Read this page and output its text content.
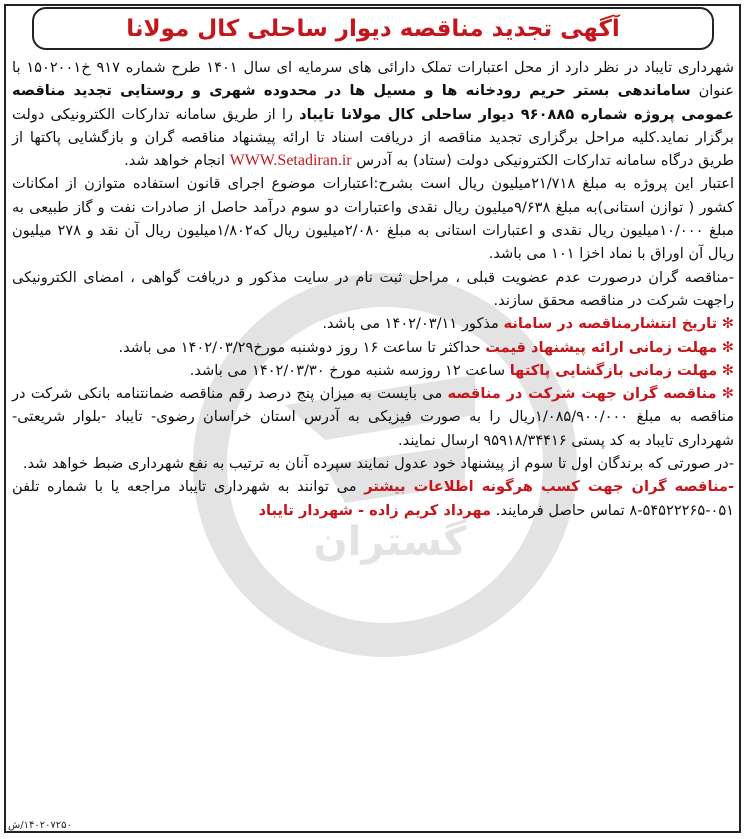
آگهی تجدید مناقصه دیوار ساحلی کال مولانا
گستران

شهرداری تایباد در نظر دارد از محل اعتبارات تملک دارائی های سرمایه ای سال ۱۴۰۱ طرح شماره ۹۱۷ خ۱۵۰۲۰۰۱ با عنوان ساماندهی بستر حریم رودخانه ها و مسیل ها در محدوده شهری و روستایی تجدید مناقصه عمومی پروژه شماره ۹۶۰۸۸۵ دیوار ساحلی کال مولانا تایباد را از طریق سامانه تدارکات الکترونیکی دولت برگزار نماید.کلیه مراحل برگزاری تجدید مناقصه از دریافت اسناد تا ارائه پیشنهاد مناقصه گران و بازگشایی پاکتها از طریق درگاه سامانه تدارکات الکترونیکی دولت (ستاد) به آدرس WWW.Setadiran.ir انجام خواهد شد.

اعتبار این پروژه به مبلغ ۲۱/۷۱۸میلیون ریال است بشرح:اعتبارات موضوع اجرای قانون استفاده متوازن از امکانات کشور ( توازن استانی)به مبلغ ۹/۶۳۸میلیون ریال نقدی واعتبارات دو سوم درآمد حاصل از صادرات نفت و گاز طبیعی به مبلغ ۱۰/۰۰۰میلیون ریال نقدی و اعتبارات استانی به مبلغ ۲/۰۸۰میلیون ریال که۱/۸۰۲میلیون ریال آن نقد و ۲۷۸ میلیون ریال آن اوراق با نماد اخزا ۱۰۱ می باشد.

-مناقصه گران درصورت عدم عضویت قبلی ، مراحل ثبت نام در سایت مذکور و دریافت گواهی ، امضای الکترونیکی راجهت شرکت در مناقصه محقق سازند.

✻ تاریخ انتشارمناقصه در سامانه مذکور ۱۴۰۲/۰۳/۱۱ می باشد.

✻ مهلت زمانی ارائه پیشنهاد قیمت حداکثر تا ساعت ۱۶ روز دوشنبه مورخ۱۴۰۲/۰۳/۲۹ می باشد.

✻ مهلت زمانی بازگشایی پاکتها ساعت ۱۲ روزسه شنبه مورخ ۱۴۰۲/۰۳/۳۰ می باشد.

✻ مناقصه گران جهت شرکت در مناقصه می بایست به میزان پنج درصد رقم مناقصه ضمانتنامه بانکی شرکت در مناقصه به مبلغ ۱/۰۸۵/۹۰۰/۰۰۰ریال را به صورت فیزیکی به آدرس استان خراسان رضوی- تایباد -بلوار شریعتی-شهرداری تایباد به کد پستی ۹۵۹۱۸/۳۴۴۱۶ ارسال نمایند.

-در صورتی که برندگان اول تا سوم از پیشنهاد خود عدول نمایند سپرده آنان به ترتیب به نفع شهرداری ضبط خواهد شد.

-مناقصه گران جهت کسب هرگونه اطلاعات بیشتر می توانند به شهرداری تایباد مراجعه یا با شماره تلفن ۰۵۱-۵۴۵۲۲۲۶۵-۸ تماس حاصل فرمایند. مهرداد کریم زاده - شهردار تایباد

۱۴۰۲۰۷۲۵۰/ش
